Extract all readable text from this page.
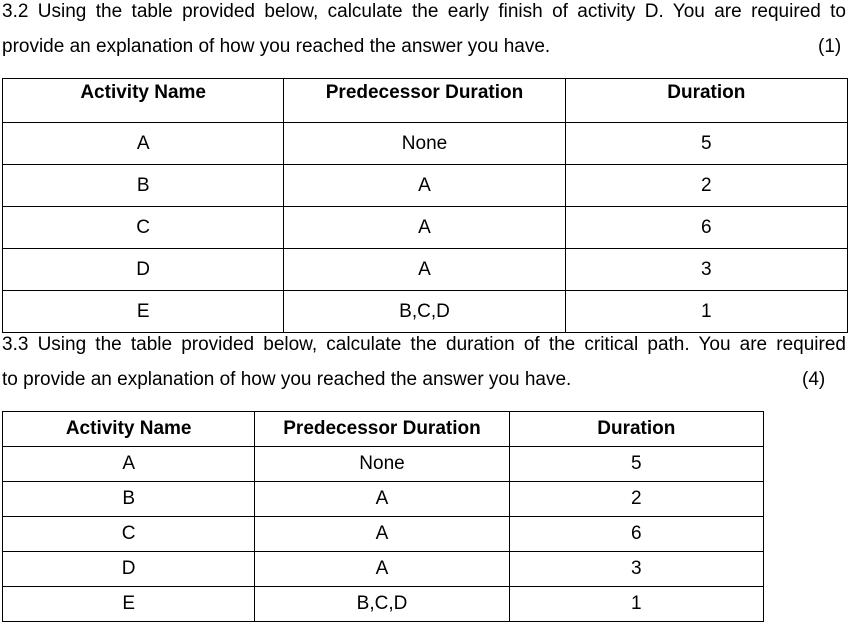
3.2 Using the table provided below, calculate the early finish of activity D. You are required to
provide an explanation of how you reached the answer you have.	(1)
Activity Name	Predecessor Duration	Duration
A	None	5
B	A	2
C	A	6
D	A	3
E	B,C,D	1
3.3 Using the table provided below, calculate the duration of the critical path. You are required
to provide an explanation of how you reached the answer you have.	(4)
Activity Name	Predecessor Duration	Duration
A	None	5
B	A	2
C	A	6
D	A	3
E	B,C,D	1
